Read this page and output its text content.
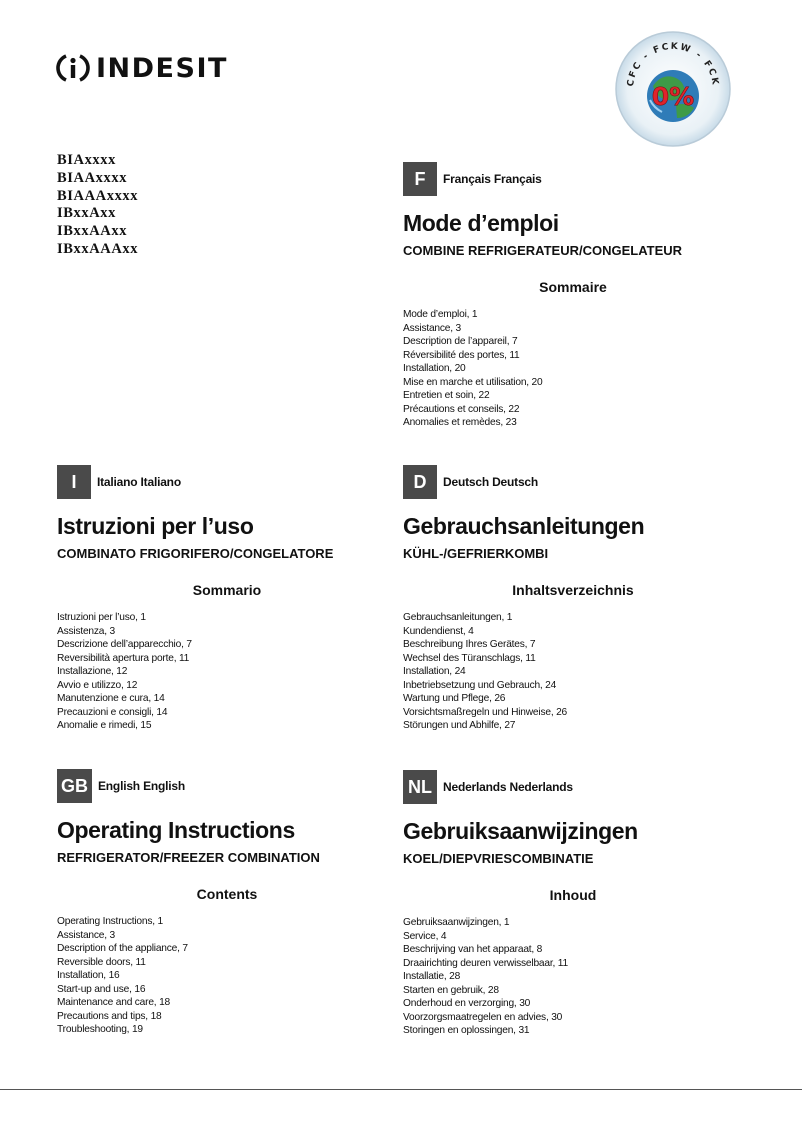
INDESIT	CFC - FCKW - FCK
0%
BIAxxxx
BIAAxxxx
BIAAAxxxx
IBxxAxx
IBxxAAxx
IBxxAAAxx
F	Français Français
Mode d’emploi
COMBINE REFRIGERATEUR/CONGELATEUR
Sommaire
Mode d’emploi, 1
Assistance, 3
Description de l’appareil, 7
Réversibilité des portes, 11
Installation, 20
Mise en marche et utilisation, 20
Entretien et soin, 22
Précautions et conseils, 22
Anomalies et remèdes, 23
I	Italiano Italiano
Istruzioni per l’uso
COMBINATO FRIGORIFERO/CONGELATORE
Sommario
Istruzioni per l’uso, 1
Assistenza, 3
Descrizione dell’apparecchio, 7
Reversibilità apertura porte, 11
Installazione, 12
Avvio e utilizzo, 12
Manutenzione e cura, 14
Precauzioni e consigli, 14
Anomalie e rimedi, 15
D	Deutsch Deutsch
Gebrauchsanleitungen
KÜHL-/GEFRIERKOMBI
Inhaltsverzeichnis
Gebrauchsanleitungen, 1
Kundendienst, 4
Beschreibung Ihres Gerätes, 7
Wechsel des Türanschlags, 11
Installation, 24
Inbetriebsetzung und Gebrauch, 24
Wartung und Pflege, 26
Vorsichtsmaßregeln und Hinweise, 26
Störungen und Abhilfe, 27
GB English English
Operating Instructions
REFRIGERATOR/FREEZER COMBINATION
Contents
Operating Instructions, 1
Assistance, 3
Description of the appliance, 7
Reversible doors, 11
Installation, 16
Start-up and use, 16
Maintenance and care, 18
Precautions and tips, 18
Troubleshooting, 19
NL Nederlands Nederlands
Gebruiksaanwijzingen
KOEL/DIEPVRIESCOMBINATIE
Inhoud
Gebruiksaanwijzingen, 1
Service, 4
Beschrijving van het apparaat, 8
Draairichting deuren verwisselbaar, 11
Installatie, 28
Starten en gebruik, 28
Onderhoud en verzorging, 30
Voorzorgsmaatregelen en advies, 30
Storingen en oplossingen, 31
